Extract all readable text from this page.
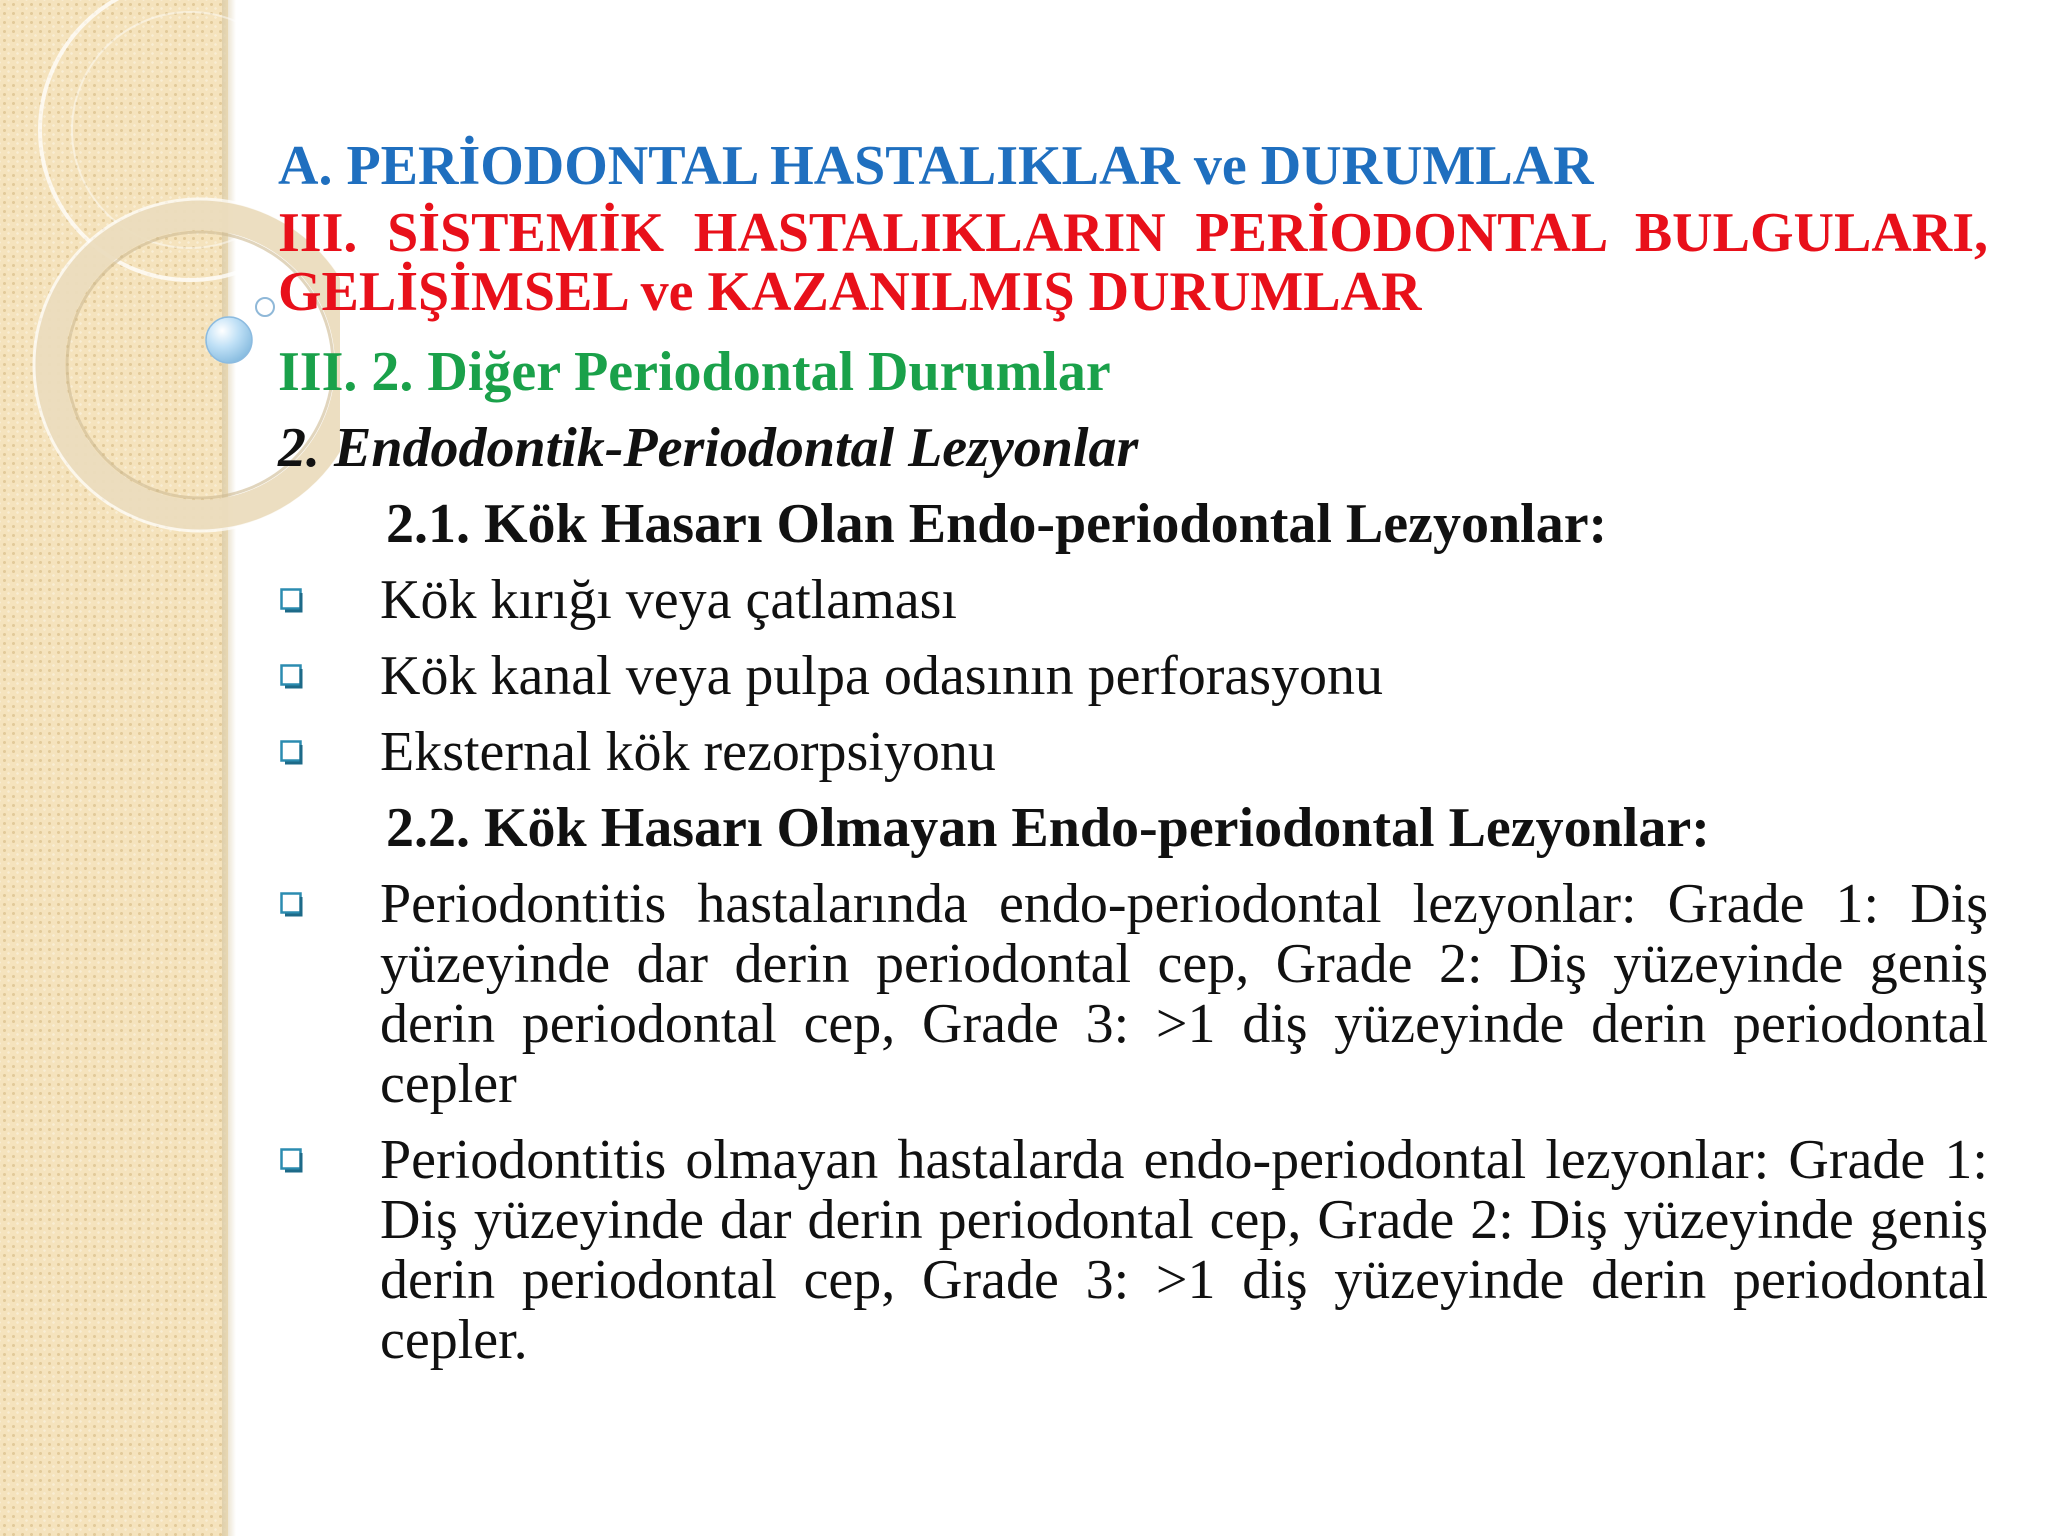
A. PERİODONTAL HASTALIKLAR ve DURUMLAR

III. SİSTEMİK HASTALIKLARIN PERİODONTAL BULGULARI, GELİŞİMSEL ve KAZANILMIŞ DURUMLAR

III. 2. Diğer Periodontal Durumlar

2. Endodontik-Periodontal Lezyonlar

2.1. Kök Hasarı Olan Endo-periodontal Lezyonlar:

Kök kırığı veya çatlaması
Kök kanal veya pulpa odasının perforasyonu
Eksternal kök rezorpsiyonu

2.2. Kök Hasarı Olmayan Endo-periodontal Lezyonlar:

Periodontitis hastalarında endo-periodontal lezyonlar: Grade 1: Diş yüzeyinde dar derin periodontal cep, Grade 2: Diş yüzeyinde geniş derin periodontal cep, Grade 3: >1 diş yüzeyinde derin periodontal cepler
Periodontitis olmayan hastalarda endo-periodontal lezyonlar: Grade 1: Diş yüzeyinde dar derin periodontal cep, Grade 2: Diş yüzeyinde geniş derin periodontal cep, Grade 3: >1 diş yüzeyinde derin periodontal cepler.
